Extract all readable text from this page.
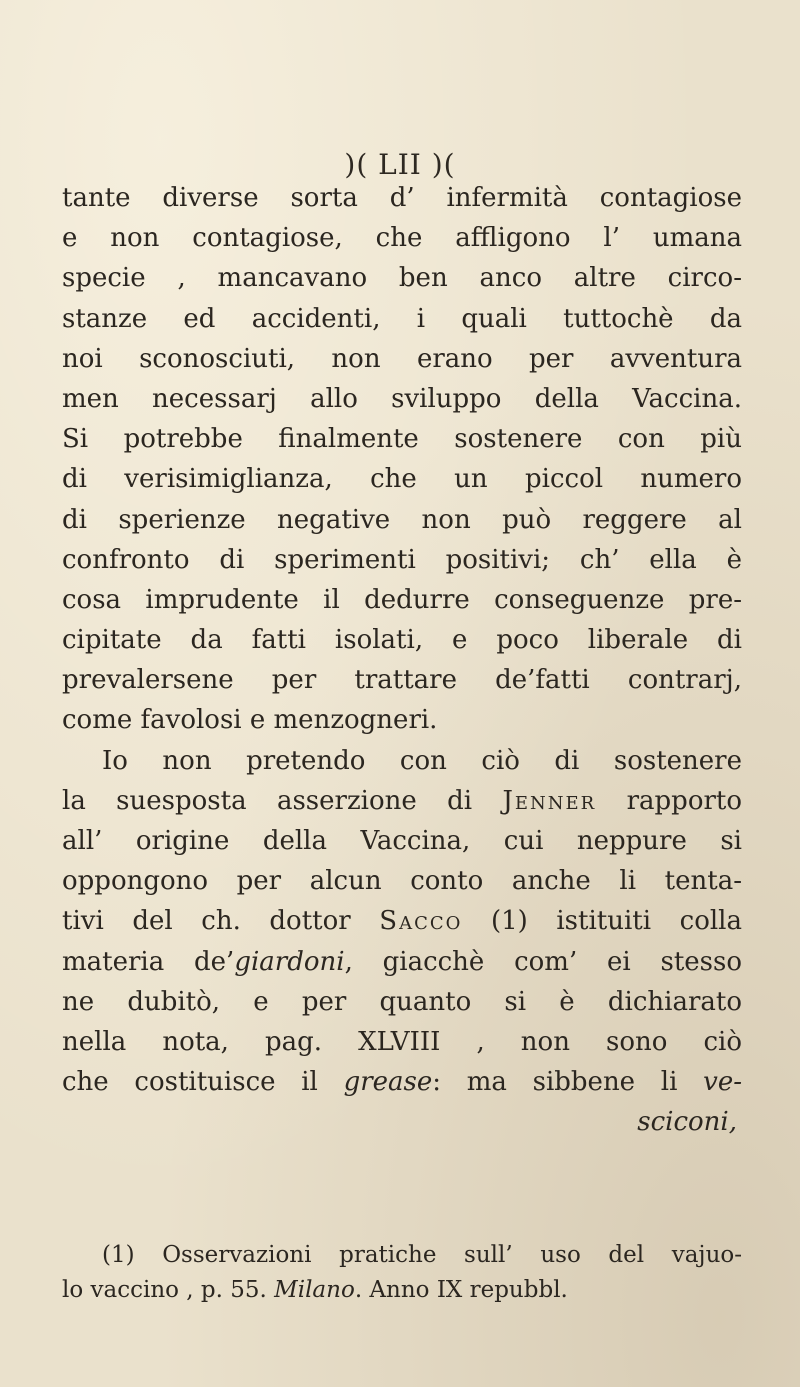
)( LII )(
tante diverse sorta d’ infermità contagiose
e non contagiose, che affligono l’ umana
specie , mancavano ben anco altre circo-
stanze ed accidenti, i quali tuttochè da
noi sconosciuti, non erano per avventura
men necessarj allo sviluppo della Vaccina.
Si potrebbe finalmente sostenere con più
di verisimiglianza, che un piccol numero
di sperienze negative non può reggere al
confronto di sperimenti positivi; ch’ ella è
cosa imprudente il dedurre conseguenze pre-
cipitate da fatti isolati, e poco liberale di
prevalersene per trattare de’fatti contrarj,
come favolosi e menzogneri.
Io non pretendo con ciò di sostenere
la suesposta asserzione di Jenner rapporto
all’ origine della Vaccina, cui neppure si
oppongono per alcun conto anche li tenta-
tivi del ch. dottor Sacco (1) istituiti colla
materia de’giardoni, giacchè com’ ei stesso
ne dubitò, e per quanto si è dichiarato
nella nota, pag. XLVIII , non sono ciò
che costituisce il grease: ma sibbene li ve-
sciconi,
(1) Osservazioni pratiche sull’ uso del vajuo-
lo vaccino , p. 55. Milano. Anno IX repubbl.
